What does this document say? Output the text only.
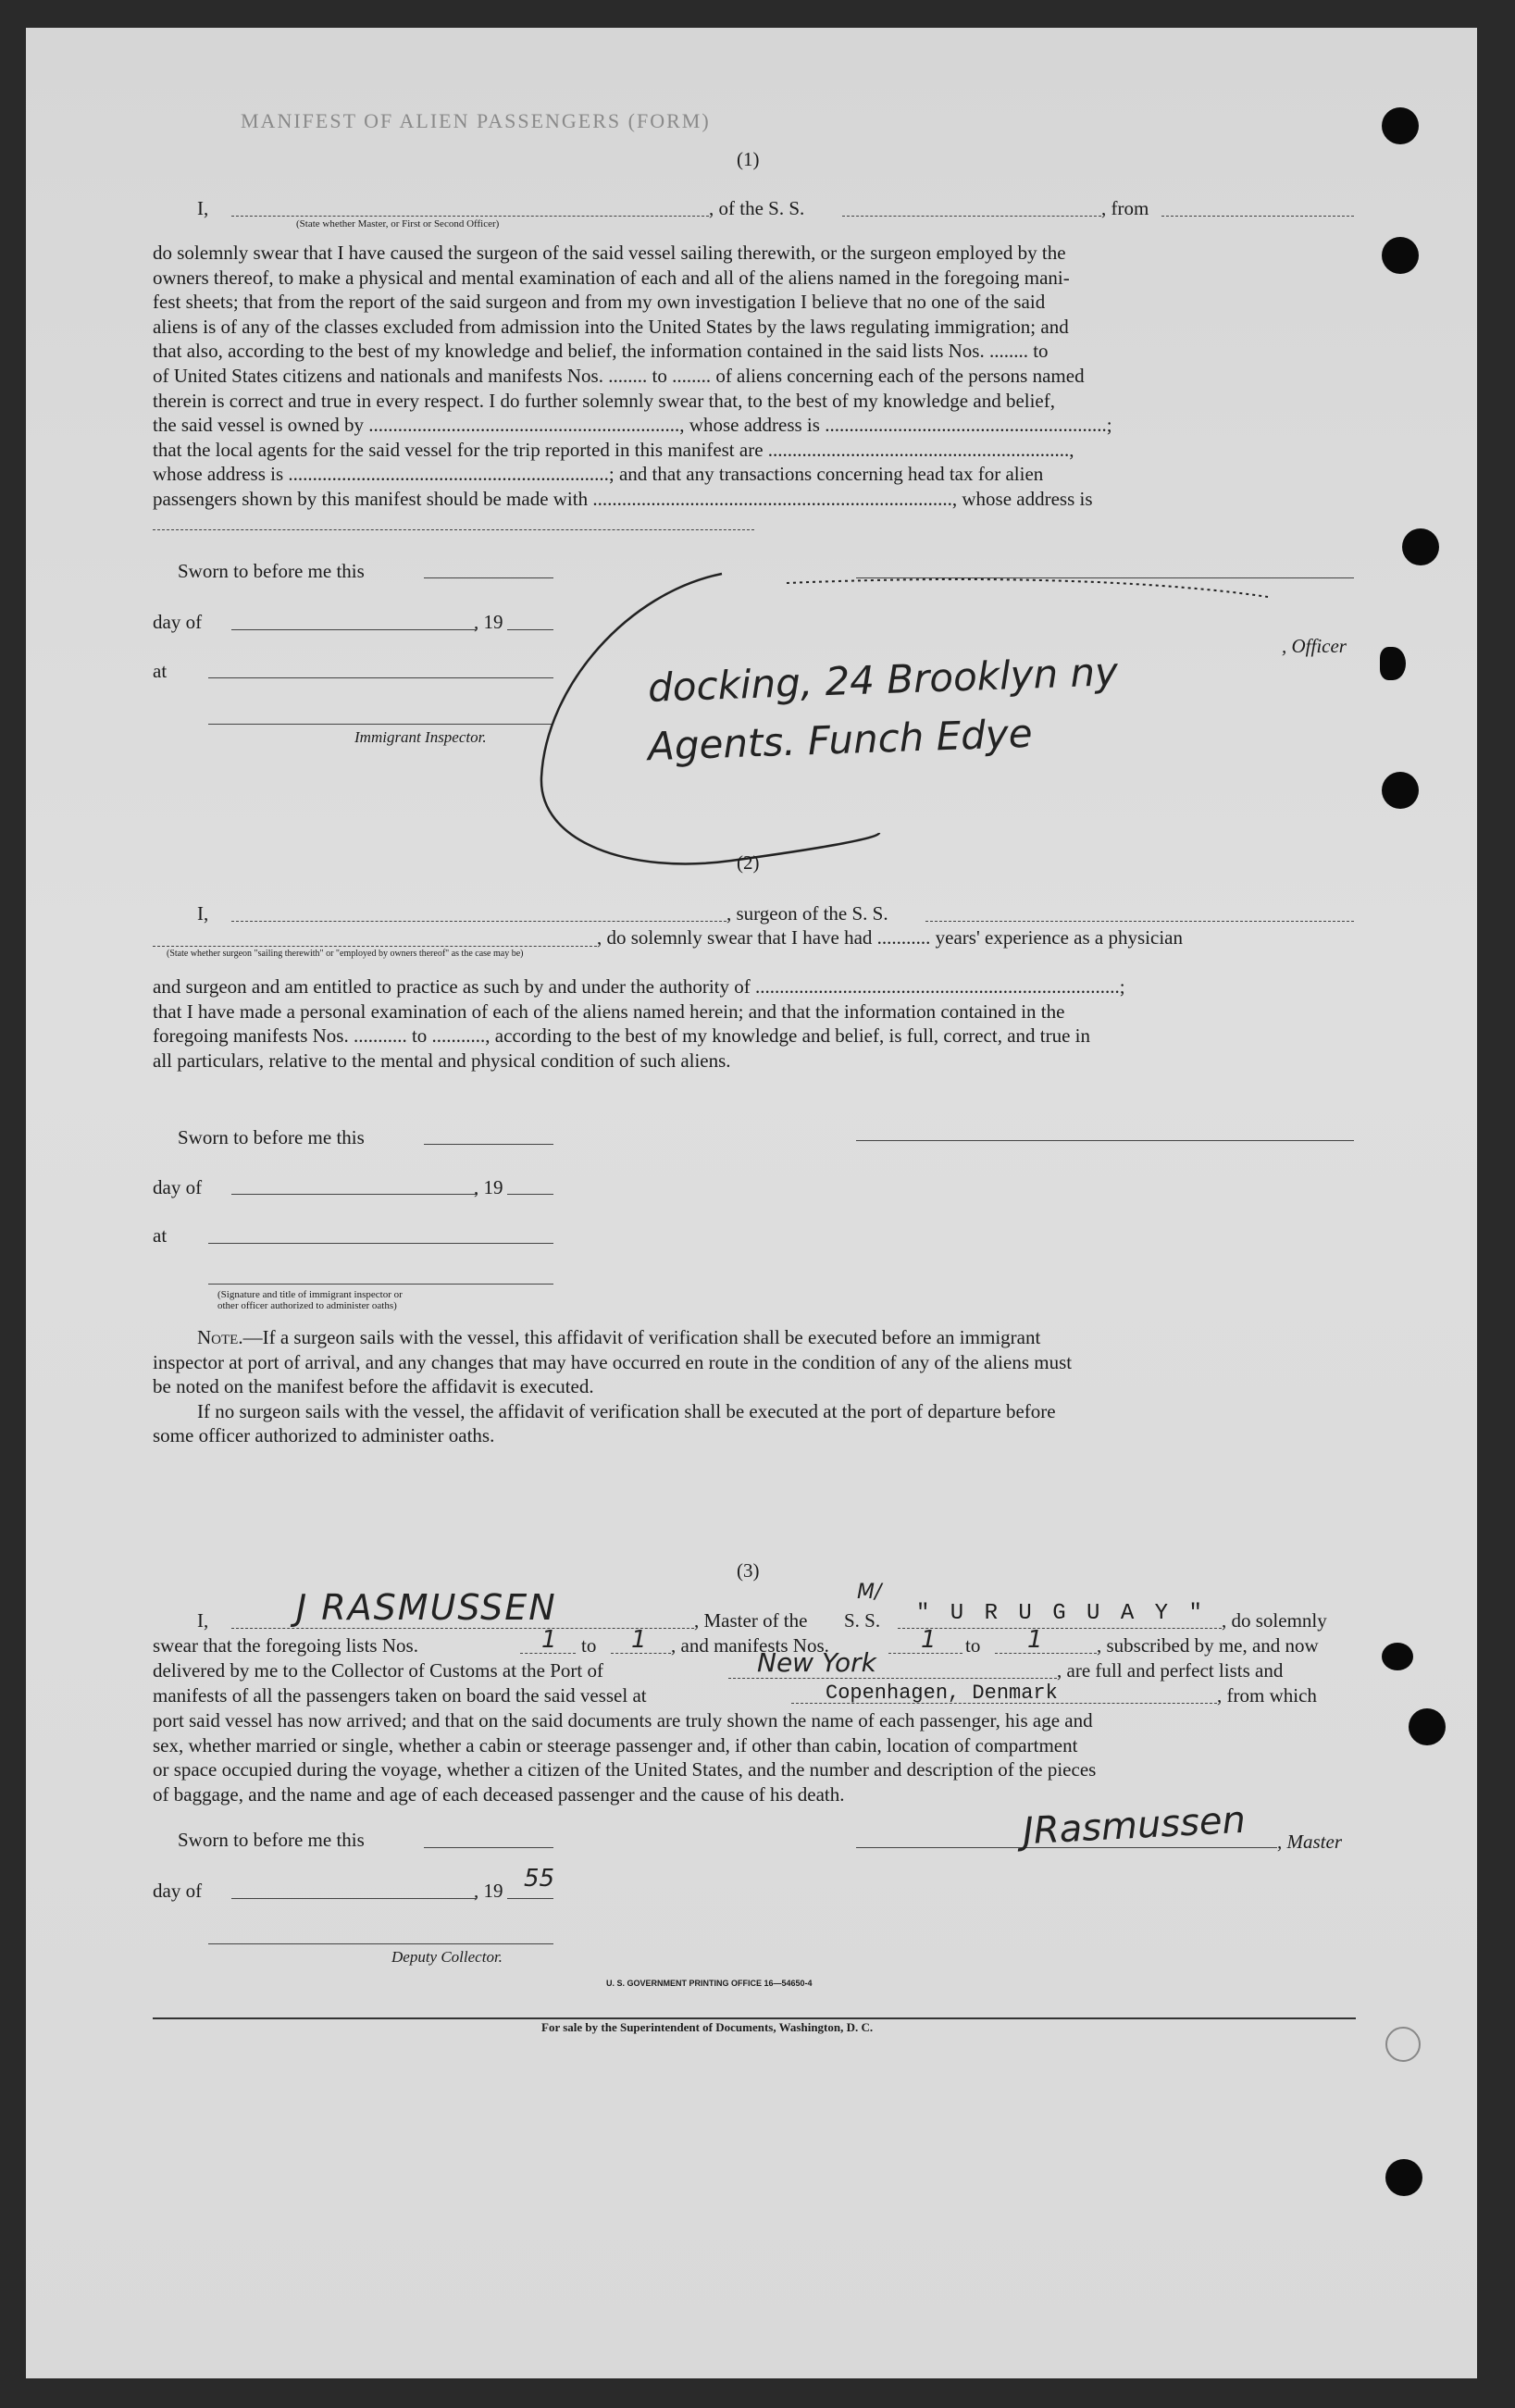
MANIFEST OF ALIEN PASSENGERS (FORM)
(1)
I,
(State whether Master, or First or Second Officer)
, of the S. S.	, from
do solemnly swear that I have caused the surgeon of the said vessel sailing therewith, or the surgeon employed by the
owners thereof, to make a physical and mental examination of each and all of the aliens named in the foregoing mani-
fest sheets; that from the report of the said surgeon and from my own investigation I believe that no one of the said
aliens is of any of the classes excluded from admission into the United States by the laws regulating immigration; and
that also, according to the best of my knowledge and belief, the information contained in the said lists Nos. ........ to
of United States citizens and nationals and manifests Nos. ........ to ........ of aliens concerning each of the persons named
therein is correct and true in every respect. I do further solemnly swear that, to the best of my knowledge and belief,
the said vessel is owned by ................................................................, whose address is ..........................................................;
that the local agents for the said vessel for the trip reported in this manifest are ..............................................................,
whose address is ..................................................................; and that any transactions concerning head tax for alien
passengers shown by this manifest should be made with .........................................................................., whose address is
Sworn to before me this
day of	, 19
, Officer
at
Immigrant Inspector.
docking, 24 Brooklyn ny
Agents. Funch Edye
(2)
I,	, surgeon of the S. S.
, do solemnly swear that I have had ........... years' experience as a physician
(State whether surgeon "sailing therewith" or "employed by owners thereof" as the case may be)
and surgeon and am entitled to practice as such by and under the authority of ...........................................................................;
that I have made a personal examination of each of the aliens named herein; and that the information contained in the
foregoing manifests Nos. ........... to ..........., according to the best of my knowledge and belief, is full, correct, and true in
all particulars, relative to the mental and physical condition of such aliens.
Sworn to before me this
day of	, 19
at
(Signature and title of immigrant inspector or
other officer authorized to administer oaths)
Note.—If a surgeon sails with the vessel, this affidavit of verification shall be executed before an immigrant
inspector at port of arrival, and any changes that may have occurred en route in the condition of any of the aliens must
be noted on the manifest before the affidavit is executed.
If no surgeon sails with the vessel, the affidavit of verification shall be executed at the port of departure before
some officer authorized to administer oaths.
(3)
I, J RASMUSSEN	, Master of the
M/
S. S. " U R U G U A Y " , do solemnly
swear that the foregoing lists Nos.	1 to 1 , and manifests Nos.	1 to 1	, subscribed by me, and now
delivered by me to the Collector of Customs at the Port of	New York	, are full and perfect lists and
manifests of all the passengers taken on board the said vessel at	Copenhagen, Denmark	, from which
port said vessel has now arrived; and that on the said documents are truly shown the name of each passenger, his age and
sex, whether married or single, whether a cabin or steerage passenger and, if other than cabin, location of compartment
or space occupied during the voyage, whether a citizen of the United States, and the number and description of the pieces
of baggage, and the name and age of each deceased passenger and the cause of his death.
Sworn to before me this	JRasmussen , Master
day of	, 19 55
Deputy Collector.
U. S. GOVERNMENT PRINTING OFFICE 16—54650-4
For sale by the Superintendent of Documents, Washington, D. C.
